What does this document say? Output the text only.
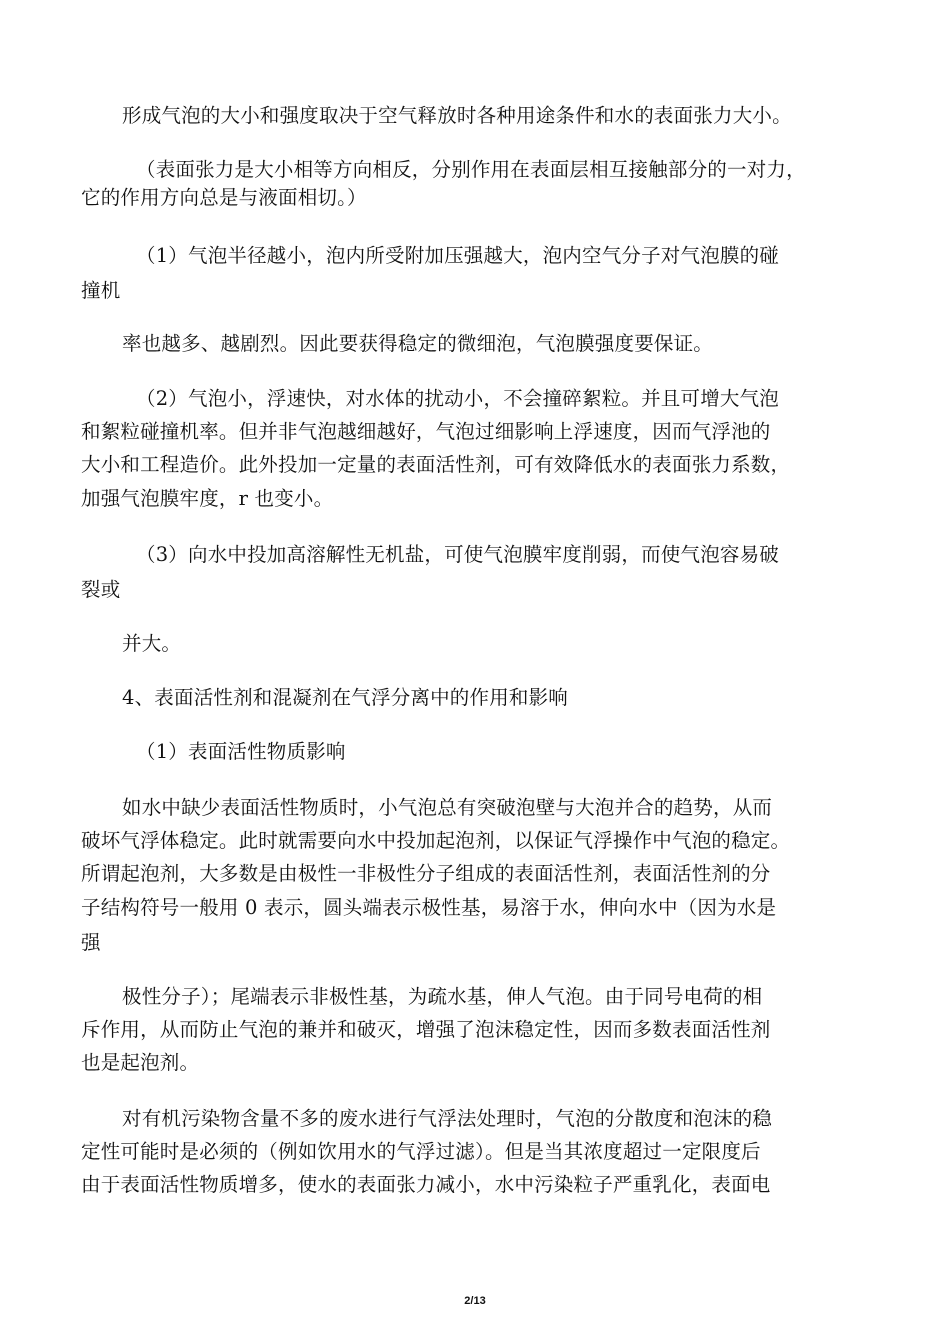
形成气泡的大小和强度取决于空气释放时各种用途条件和水的表面张力大小。
（表面张力是大小相等方向相反，分别作用在表面层相互接触部分的一对力，
它的作用方向总是与液面相切。）
（1）气泡半径越小，泡内所受附加压强越大，泡内空气分子对气泡膜的碰
撞机
率也越多、越剧烈。因此要获得稳定的微细泡，气泡膜强度要保证。
（2）气泡小，浮速快，对水体的扰动小，不会撞碎絮粒。并且可增大气泡
和絮粒碰撞机率。但并非气泡越细越好，气泡过细影响上浮速度，因而气浮池的
大小和工程造价。此外投加一定量的表面活性剂，可有效降低水的表面张力系数，
加强气泡膜牢度，r 也变小。
（3）向水中投加高溶解性无机盐，可使气泡膜牢度削弱，而使气泡容易破
裂或
并大。
4、表面活性剂和混凝剂在气浮分离中的作用和影响
（1）表面活性物质影响
如水中缺少表面活性物质时，小气泡总有突破泡壁与大泡并合的趋势，从而
破坏气浮体稳定。此时就需要向水中投加起泡剂，以保证气浮操作中气泡的稳定。
所谓起泡剂，大多数是由极性一非极性分子组成的表面活性剂，表面活性剂的分
子结构符号一般用 0 表示，圆头端表示极性基，易溶于水，伸向水中（因为水是
强
极性分子）；尾端表示非极性基，为疏水基，伸人气泡。由于同号电荷的相
斥作用，从而防止气泡的兼并和破灭，增强了泡沫稳定性，因而多数表面活性剂
也是起泡剂。
对有机污染物含量不多的废水进行气浮法处理时，气泡的分散度和泡沫的稳
定性可能时是必须的（例如饮用水的气浮过滤）。但是当其浓度超过一定限度后
由于表面活性物质增多，使水的表面张力减小，水中污染粒子严重乳化，表面电
2/13
